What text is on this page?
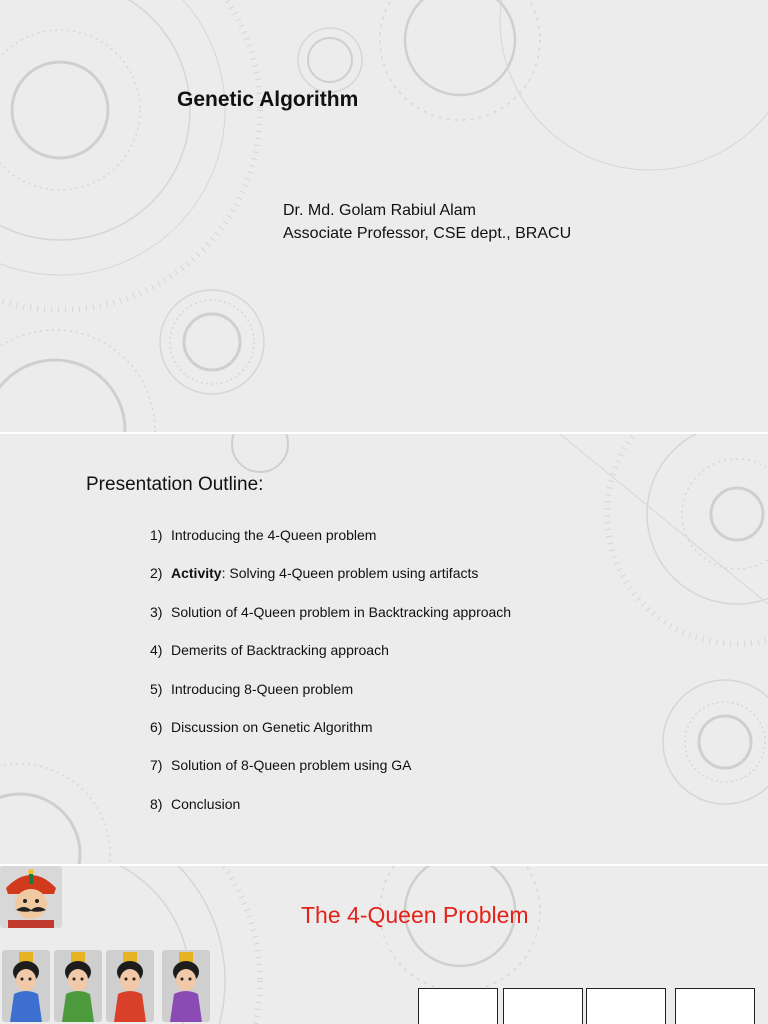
Genetic Algorithm
Dr. Md. Golam Rabiul Alam
Associate Professor, CSE dept., BRACU
Presentation Outline:
1) Introducing the 4-Queen problem
2) Activity: Solving 4-Queen problem using artifacts
3) Solution of 4-Queen problem in Backtracking approach
4) Demerits of Backtracking approach
5) Introducing 8-Queen problem
6) Discussion on Genetic Algorithm
7) Solution of 8-Queen problem using GA
8) Conclusion
The 4-Queen Problem
